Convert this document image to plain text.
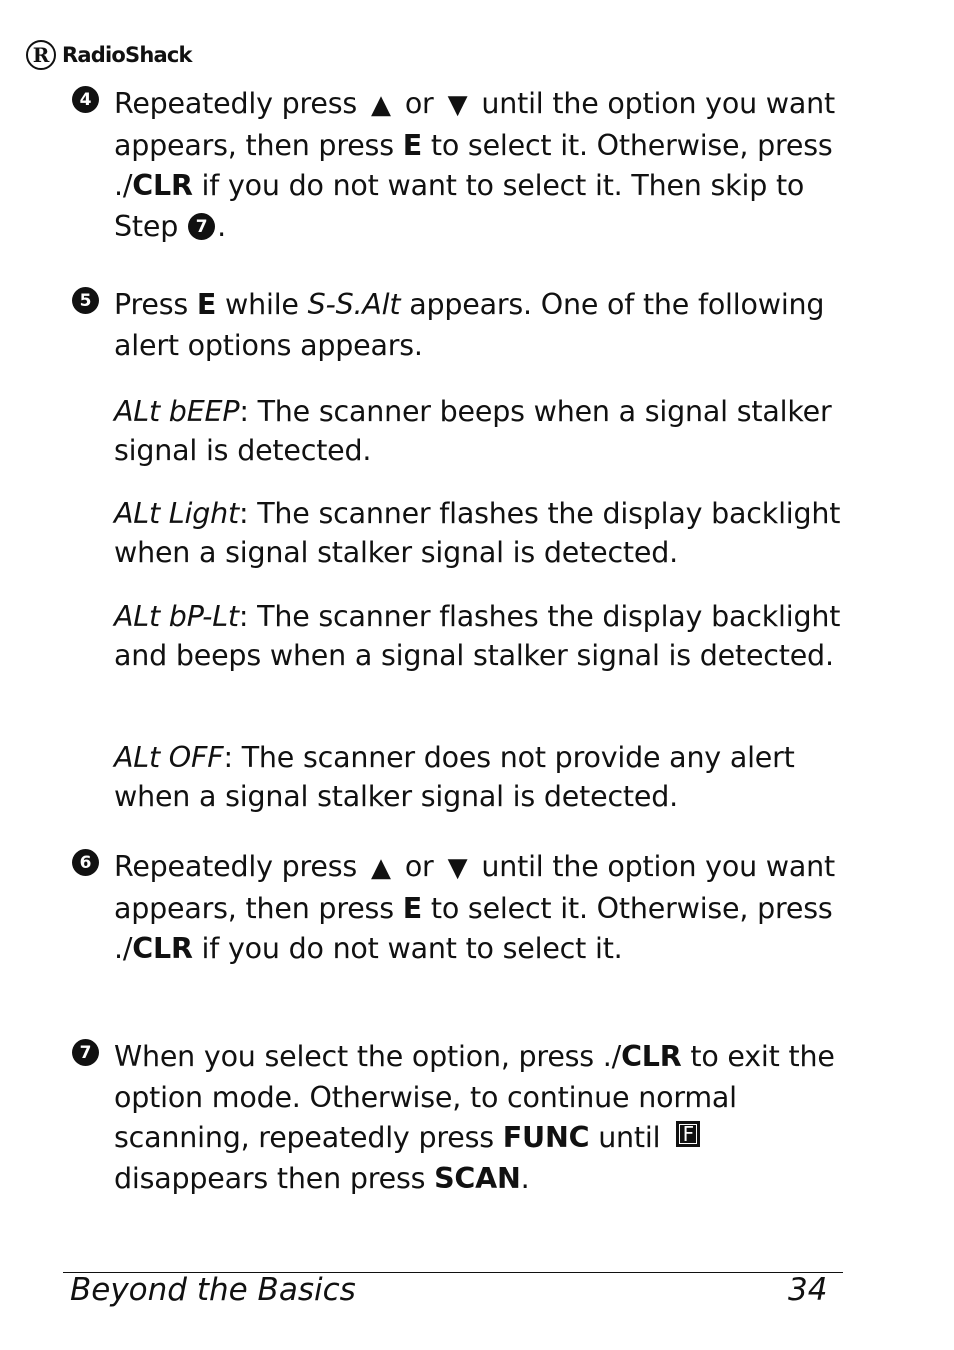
R RadioShack
4 Repeatedly press ▲ or ▼ until the option you want appears, then press E to select it. Otherwise, press ./CLR if you do not want to select it. Then skip to Step 7 .
5 Press E while S-S.Alt appears. One of the following alert options appears.
ALt bEEP: The scanner beeps when a signal stalker signal is detected.
ALt Light: The scanner flashes the display backlight when a signal stalker signal is detected.
ALt bP-Lt: The scanner flashes the display backlight and beeps when a signal stalker signal is detected.
ALt OFF: The scanner does not provide any alert when a signal stalker signal is detected.
6 Repeatedly press ▲ or ▼ until the option you want appears, then press E to select it. Otherwise, press ./CLR if you do not want to select it.
7 When you select the option, press ./CLR to exit the option mode. Otherwise, to continue normal scanning, repeatedly press FUNC until Fdisappears then press SCAN.
Beyond the Basics	34
